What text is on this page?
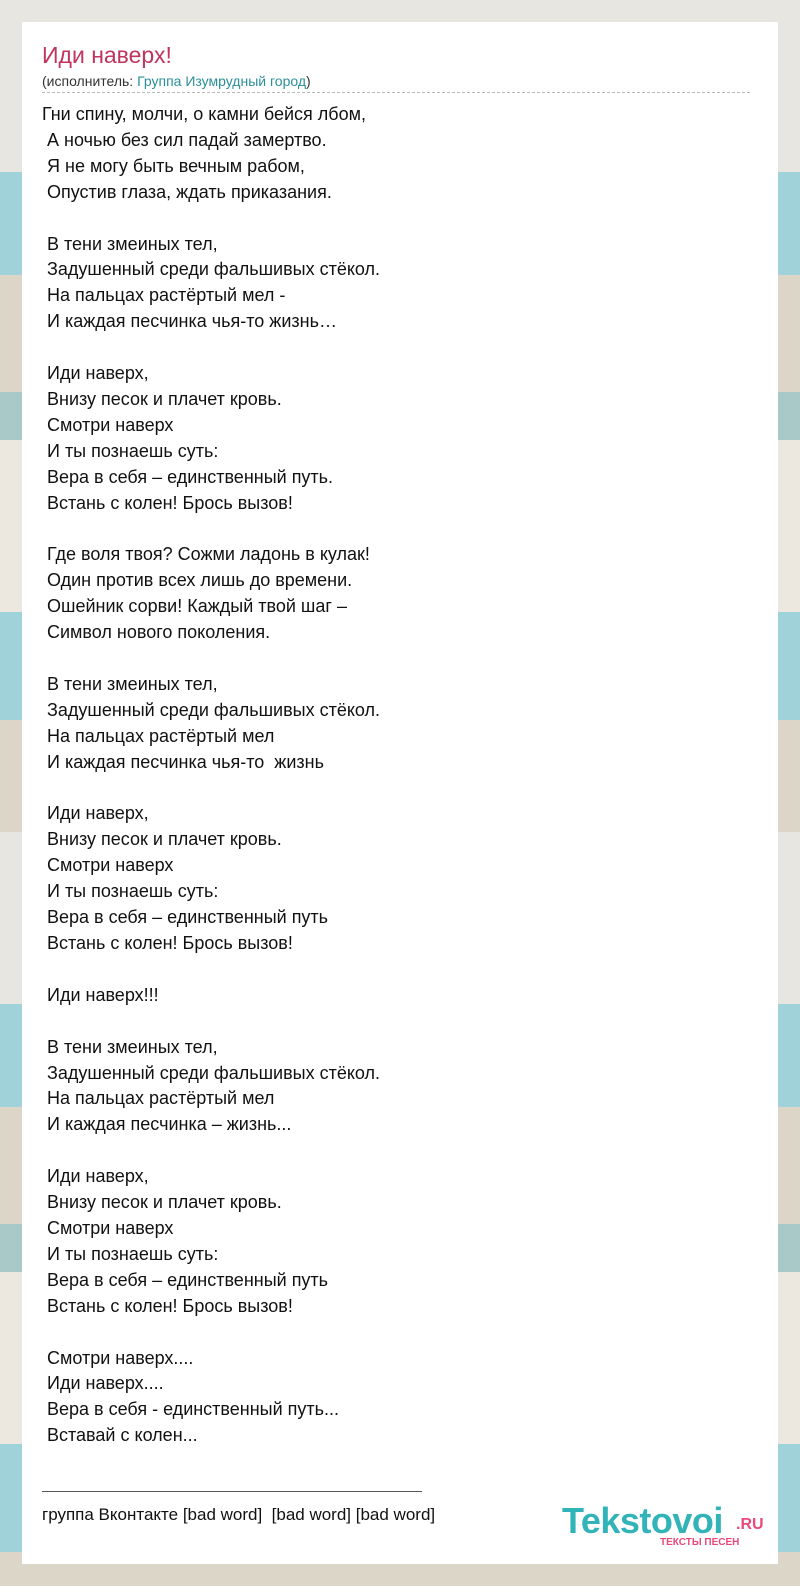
Иди наверх!
(исполнитель: Группа Изумрудный город)
Гни спину, молчи, о камни бейся лбом,
А ночью без сил падай замертво.
Я не могу быть вечным рабом,
Опустив глаза, ждать приказания.

В тени змеиных тел,
Задушенный среди фальшивых стёкол.
На пальцах растёртый мел -
И каждая песчинка чья-то жизнь…

Иди наверх,
Внизу песок и плачет кровь.
Смотри наверх
И ты познаешь суть:
Вера в себя – единственный путь.
Встань с колен! Брось вызов!

Где воля твоя? Сожми ладонь в кулак!
Один против всех лишь до времени.
Ошейник сорви! Каждый твой шаг –
Символ нового поколения.

В тени змеиных тел,
Задушенный среди фальшивых стёкол.
На пальцах растёртый мел
И каждая песчинка чья-то  жизнь

Иди наверх,
Внизу песок и плачет кровь.
Смотри наверх
И ты познаешь суть:
Вера в себя – единственный путь
Встань с колен! Брось вызов!

Иди наверх!!!

В тени змеиных тел,
Задушенный среди фальшивых стёкол.
На пальцах растёртый мел
И каждая песчинка – жизнь...

Иди наверх,
Внизу песок и плачет кровь.
Смотри наверх
И ты познаешь суть:
Вера в себя – единственный путь
Встань с колен! Брось вызов!

Смотри наверх....
Иди наверх....
Вера в себя - единственный путь...
Вставай с колен...
группа Вконтакте [bad word]  [bad word] [bad word]	Tekstovoi .RU
ТЕКСТЫ ПЕСЕН
